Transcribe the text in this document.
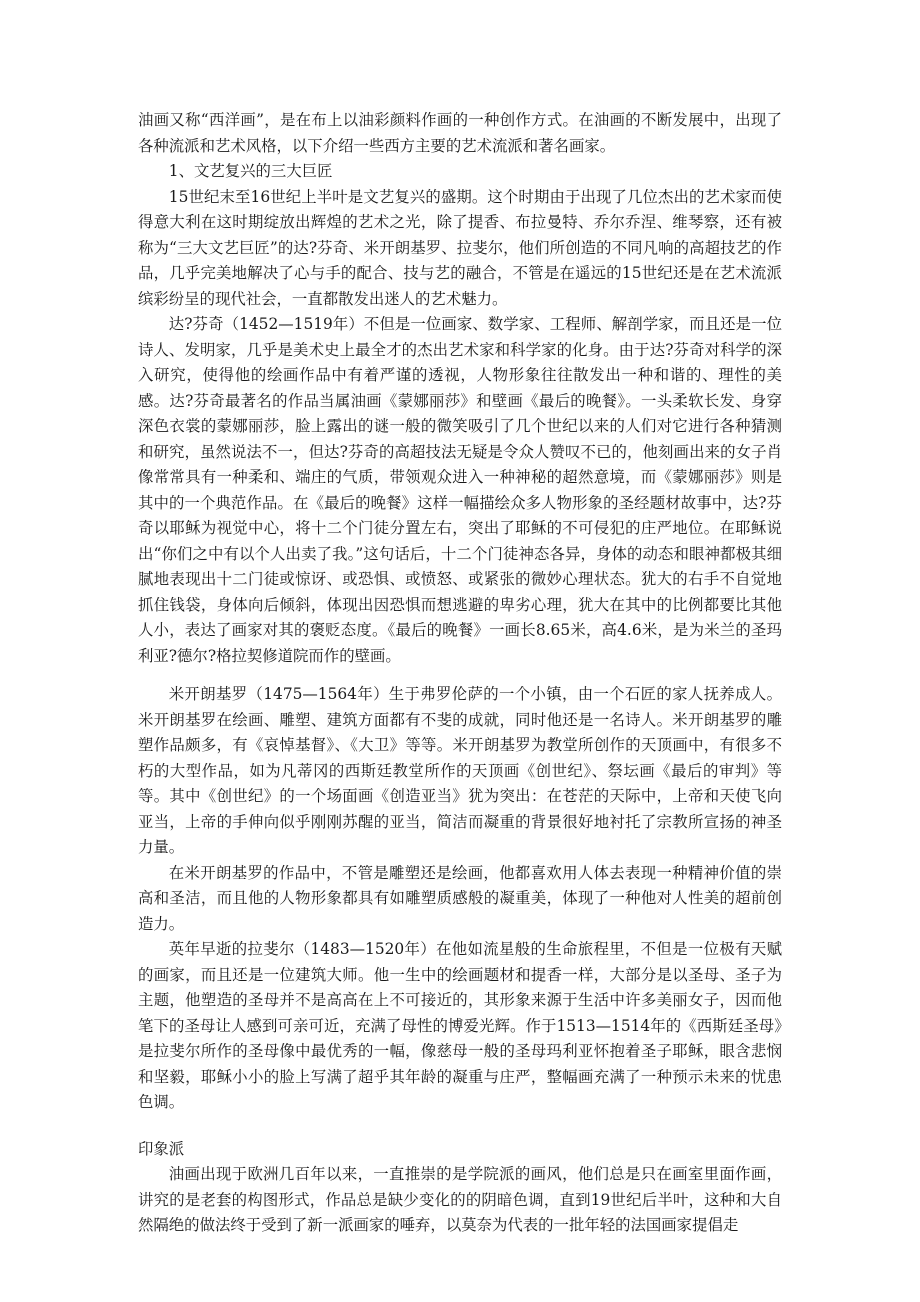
油画又称“西洋画”，是在布上以油彩颜料作画的一种创作方式。在油画的不断发展中，出现了各种流派和艺术风格，以下介绍一些西方主要的艺术流派和著名画家。

1、文艺复兴的三大巨匠

15世纪末至16世纪上半叶是文艺复兴的盛期。这个时期由于出现了几位杰出的艺术家而使得意大利在这时期绽放出辉煌的艺术之光，除了提香、布拉曼特、乔尔乔涅、维琴察，还有被称为“三大文艺巨匠”的达?芬奇、米开朗基罗、拉斐尔，他们所创造的不同凡响的高超技艺的作品，几乎完美地解决了心与手的配合、技与艺的融合，不管是在遥远的15世纪还是在艺术流派缤彩纷呈的现代社会，一直都散发出迷人的艺术魅力。

达?芬奇（1452—1519年）不但是一位画家、数学家、工程师、解剖学家，而且还是一位诗人、发明家，几乎是美术史上最全才的杰出艺术家和科学家的化身。由于达?芬奇对科学的深入研究，使得他的绘画作品中有着严谨的透视，人物形象往往散发出一种和谐的、理性的美感。达?芬奇最著名的作品当属油画《蒙娜丽莎》和壁画《最后的晚餐》。一头柔软长发、身穿深色衣裳的蒙娜丽莎，脸上露出的谜一般的微笑吸引了几个世纪以来的人们对它进行各种猜测和研究，虽然说法不一，但达?芬奇的高超技法无疑是令众人赞叹不已的，他刻画出来的女子肖像常常具有一种柔和、端庄的气质，带领观众进入一种神秘的超然意境，而《蒙娜丽莎》则是其中的一个典范作品。在《最后的晚餐》这样一幅描绘众多人物形象的圣经题材故事中，达?芬奇以耶稣为视觉中心，将十二个门徒分置左右，突出了耶稣的不可侵犯的庄严地位。在耶稣说出“你们之中有以个人出卖了我。”这句话后，十二个门徒神态各异，身体的动态和眼神都极其细腻地表现出十二门徒或惊讶、或恐惧、或愤怒、或紧张的微妙心理状态。犹大的右手不自觉地抓住钱袋，身体向后倾斜，体现出因恐惧而想逃避的卑劣心理，犹大在其中的比例都要比其他人小，表达了画家对其的褒贬态度。《最后的晚餐》一画长8.65米，高4.6米，是为米兰的圣玛利亚?德尔?格拉契修道院而作的壁画。

米开朗基罗（1475—1564年）生于弗罗伦萨的一个小镇，由一个石匠的家人抚养成人。米开朗基罗在绘画、雕塑、建筑方面都有不斐的成就，同时他还是一名诗人。米开朗基罗的雕塑作品颇多，有《哀悼基督》、《大卫》等等。米开朗基罗为教堂所创作的天顶画中，有很多不朽的大型作品，如为凡蒂冈的西斯廷教堂所作的天顶画《创世纪》、祭坛画《最后的审判》等等。其中《创世纪》的一个场面画《创造亚当》犹为突出：在苍茫的天际中，上帝和天使飞向亚当，上帝的手伸向似乎刚刚苏醒的亚当，简洁而凝重的背景很好地衬托了宗教所宣扬的神圣力量。

在米开朗基罗的作品中，不管是雕塑还是绘画，他都喜欢用人体去表现一种精神价值的崇高和圣洁，而且他的人物形象都具有如雕塑质感般的凝重美，体现了一种他对人性美的超前创造力。

英年早逝的拉斐尔（1483—1520年）在他如流星般的生命旅程里，不但是一位极有天赋的画家，而且还是一位建筑大师。他一生中的绘画题材和提香一样，大部分是以圣母、圣子为主题，他塑造的圣母并不是高高在上不可接近的，其形象来源于生活中许多美丽女子，因而他笔下的圣母让人感到可亲可近，充满了母性的博爱光辉。作于1513—1514年的《西斯廷圣母》是拉斐尔所作的圣母像中最优秀的一幅，像慈母一般的圣母玛利亚怀抱着圣子耶稣，眼含悲悯和坚毅，耶稣小小的脸上写满了超乎其年龄的凝重与庄严，整幅画充满了一种预示未来的忧患色调。

印象派

油画出现于欧洲几百年以来，一直推崇的是学院派的画风，他们总是只在画室里面作画，讲究的是老套的构图形式，作品总是缺少变化的的阴暗色调，直到19世纪后半叶，这种和大自然隔绝的做法终于受到了新一派画家的唾弃，以莫奈为代表的一批年轻的法国画家提倡走
